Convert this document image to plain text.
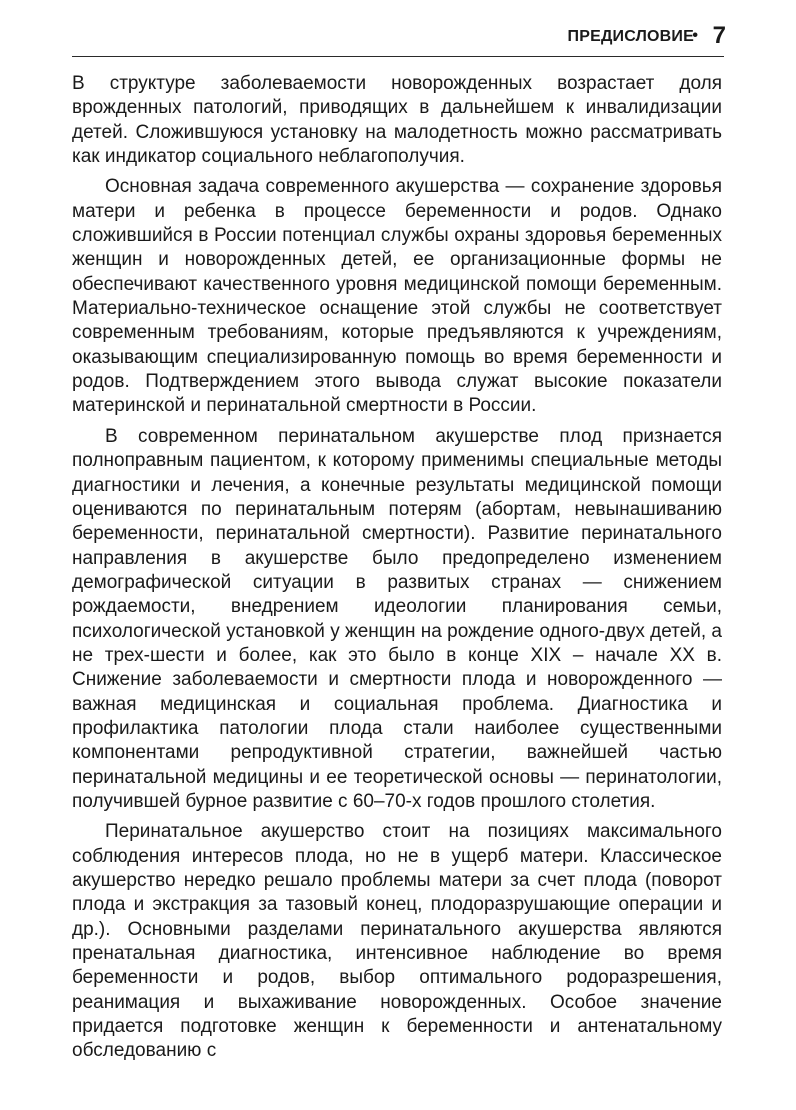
ПРЕДИСЛОВИЕ
• 7

В структуре заболеваемости новорожденных возрастает доля врожденных патологий, приводящих в дальнейшем к инвалидизации детей. Сложившуюся установку на малодетность можно рассматривать как индикатор социального неблагополучия.

Основная задача современного акушерства — сохранение здоровья матери и ребенка в процессе беременности и родов. Однако сложившийся в России потенциал службы охраны здоровья беременных женщин и новорожденных детей, ее организационные формы не обеспечивают качественного уровня медицинской помощи беременным. Материально-техническое оснащение этой службы не соответствует современным требованиям, которые предъявляются к учреждениям, оказывающим специализированную помощь во время беременности и родов. Подтверждением этого вывода служат высокие показатели материнской и перинатальной смертности в России.

В современном перинатальном акушерстве плод признается полноправным пациентом, к которому применимы специальные методы диагностики и лечения, а конечные результаты медицинской помощи оцениваются по перинатальным потерям (абортам, невынашиванию беременности, перинатальной смертности). Развитие перинатального направления в акушерстве было предопределено изменением демографической ситуации в развитых странах — снижением рождаемости, внедрением идеологии планирования семьи, психологической установкой у женщин на рождение одного-двух детей, а не трех-шести и более, как это было в конце XIX – начале XX в. Снижение заболеваемости и смертности плода и новорожденного — важная медицинская и социальная проблема. Диагностика и профилактика патологии плода стали наиболее существенными компонентами репродуктивной стратегии, важнейшей частью перинатальной медицины и ее теоретической основы — перинатологии, получившей бурное развитие с 60–70-х годов прошлого столетия.

Перинатальное акушерство стоит на позициях максимального соблюдения интересов плода, но не в ущерб матери. Классическое акушерство нередко решало проблемы матери за счет плода (поворот плода и экстракция за тазовый конец, плодоразрушающие операции и др.). Основными разделами перинатального акушерства являются пренатальная диагностика, интенсивное наблюдение во время беременности и родов, выбор оптимального родоразрешения, реанимация и выхаживание новорожденных. Особое значение придается подготовке женщин к беременности и антенатальному обследованию с
